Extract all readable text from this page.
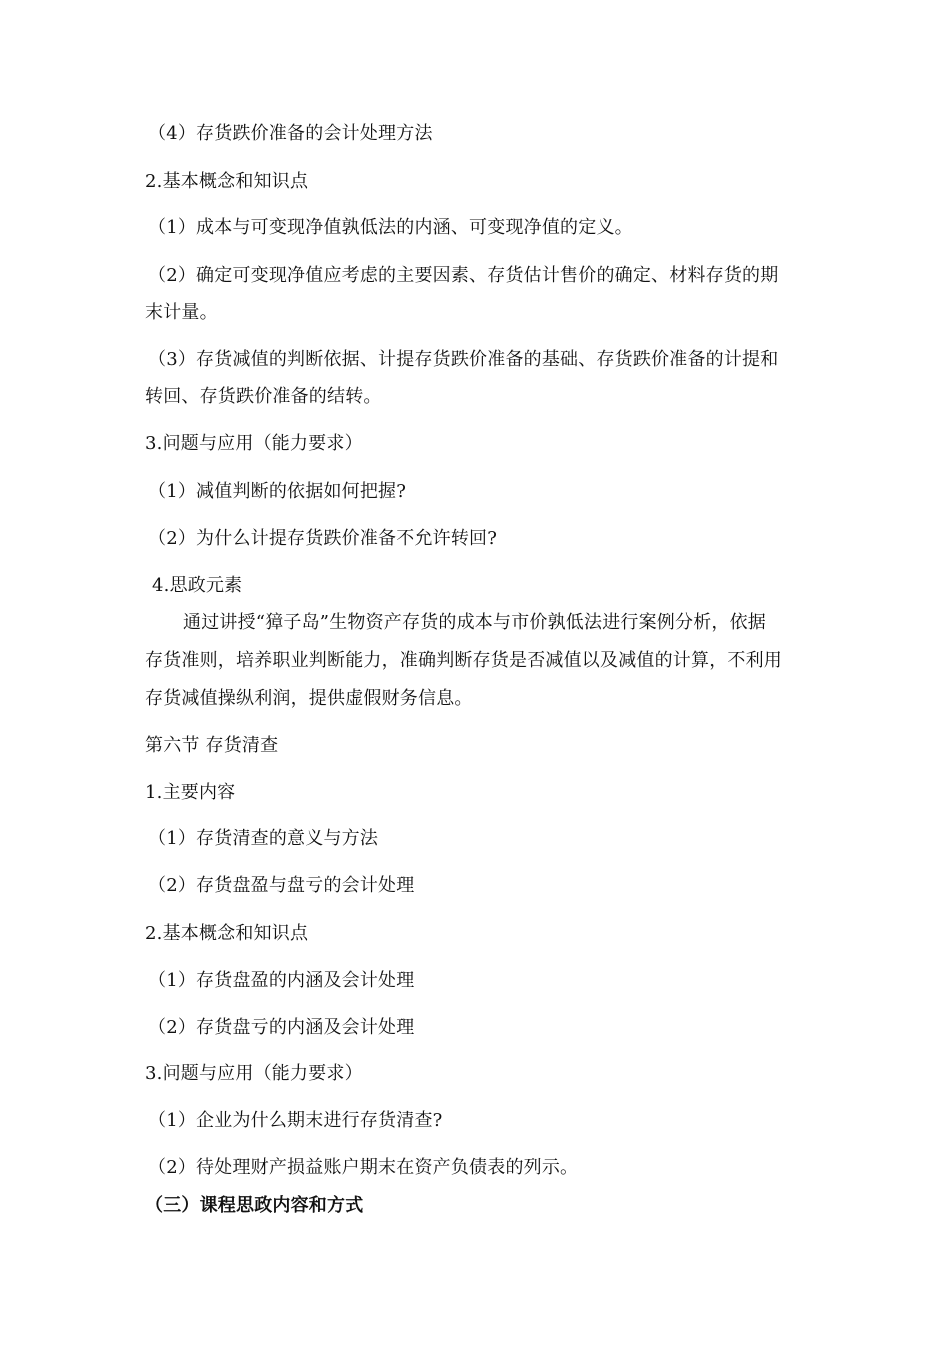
（4）存货跌价准备的会计处理方法
2.基本概念和知识点
（1）成本与可变现净值孰低法的内涵、可变现净值的定义。
（2）确定可变现净值应考虑的主要因素、存货估计售价的确定、材料存货的期
末计量。
（3）存货减值的判断依据、计提存货跌价准备的基础、存货跌价准备的计提和
转回、存货跌价准备的结转。
3.问题与应用（能力要求）
（1）减值判断的依据如何把握?
（2）为什么计提存货跌价准备不允许转回?
4.思政元素
通过讲授“獐子岛”生物资产存货的成本与市价孰低法进行案例分析，依据
存货准则，培养职业判断能力，准确判断存货是否减值以及减值的计算，不利用
存货减值操纵利润，提供虚假财务信息。
第六节 存货清查
1.主要内容
（1）存货清查的意义与方法
（2）存货盘盈与盘亏的会计处理
2.基本概念和知识点
（1）存货盘盈的内涵及会计处理
（2）存货盘亏的内涵及会计处理
3.问题与应用（能力要求）
（1）企业为什么期末进行存货清查?
（2）待处理财产损益账户期末在资产负债表的列示。
（三）课程思政内容和方式
